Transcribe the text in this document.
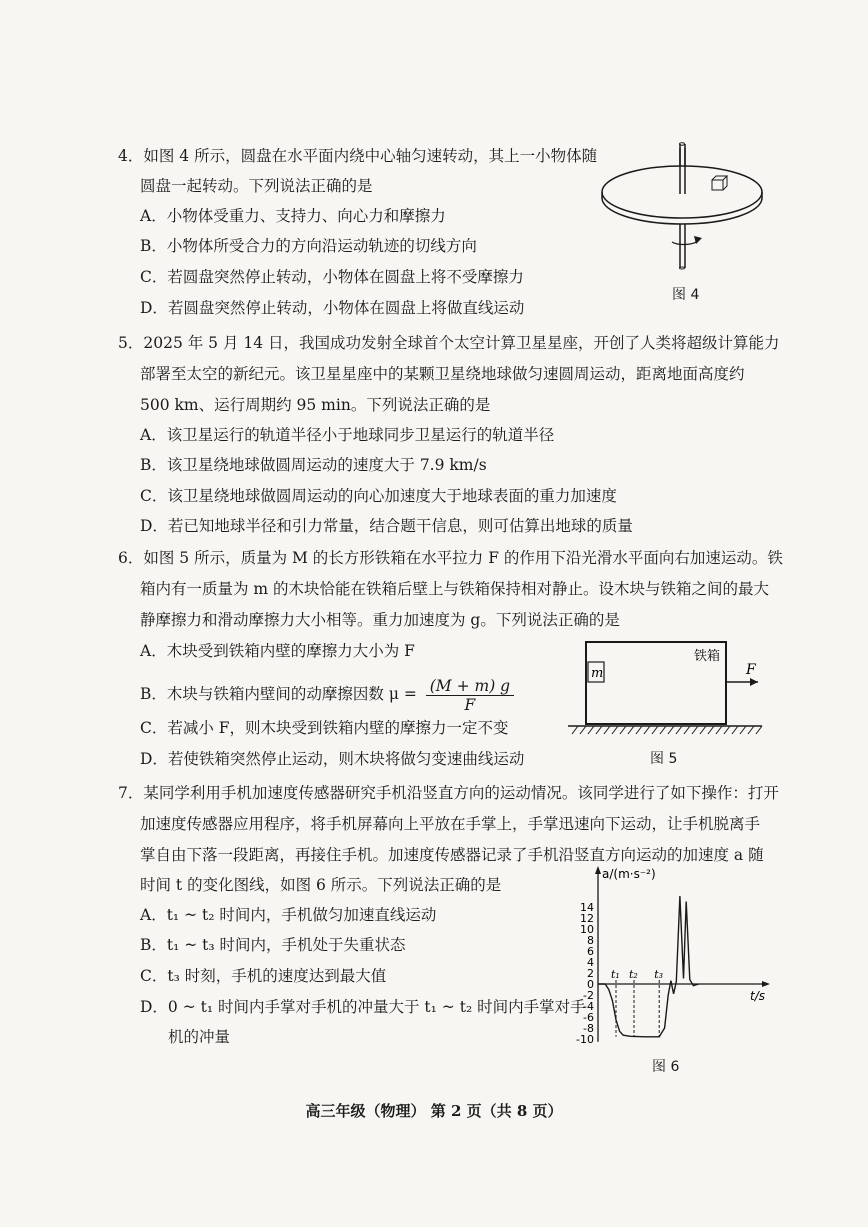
4．如图 4 所示，圆盘在水平面内绕中心轴匀速转动，其上一小物体随
圆盘一起转动。下列说法正确的是
A．小物体受重力、支持力、向心力和摩擦力
B．小物体所受合力的方向沿运动轨迹的切线方向
C．若圆盘突然停止转动，小物体在圆盘上将不受摩擦力
D．若圆盘突然停止转动，小物体在圆盘上将做直线运动
图 4
5．2025 年 5 月 14 日，我国成功发射全球首个太空计算卫星星座，开创了人类将超级计算能力
部署至太空的新纪元。该卫星星座中的某颗卫星绕地球做匀速圆周运动，距离地面高度约
500 km、运行周期约 95 min。下列说法正确的是
A．该卫星运行的轨道半径小于地球同步卫星运行的轨道半径
B．该卫星绕地球做圆周运动的速度大于 7.9 km/s
C．该卫星绕地球做圆周运动的向心加速度大于地球表面的重力加速度
D．若已知地球半径和引力常量，结合题干信息，则可估算出地球的质量
6．如图 5 所示，质量为 M 的长方形铁箱在水平拉力 F 的作用下沿光滑水平面向右加速运动。铁
箱内有一质量为 m 的木块恰能在铁箱后壁上与铁箱保持相对静止。设木块与铁箱之间的最大
静摩擦力和滑动摩擦力大小相等。重力加速度为 g。下列说法正确的是
A．木块受到铁箱内壁的摩擦力大小为 F
B．木块与铁箱内壁间的动摩擦因数 $\mu = \frac{(M + m) g}{F}$
C．若减小 F，则木块受到铁箱内壁的摩擦力一定不变
D．若使铁箱突然停止运动，则木块将做匀变速曲线运动
m
铁箱
F
图 5
7．某同学利用手机加速度传感器研究手机沿竖直方向的运动情况。该同学进行了如下操作：打开
加速度传感器应用程序，将手机屏幕向上平放在手掌上，手掌迅速向下运动，让手机脱离手
掌自由下落一段距离，再接住手机。加速度传感器记录了手机沿竖直方向运动的加速度 a 随
时间 t 的变化图线，如图 6 所示。下列说法正确的是
A．t₁ ~ t₂ 时间内，手机做匀加速直线运动
B．t₁ ~ t₃ 时间内，手机处于失重状态
C．t₃ 时刻，手机的速度达到最大值
D．0 ~ t₁ 时间内手掌对手机的冲量大于 t₁ ~ t₂ 时间内手掌对手
机的冲量
a/(m·s⁻²)
t/s
14
12
10
8
6
4
2
0
-2
-4
-6
-8
-10
t₁ t₂ t₃
图 6
高三年级（物理） 第 2 页（共 8 页）
